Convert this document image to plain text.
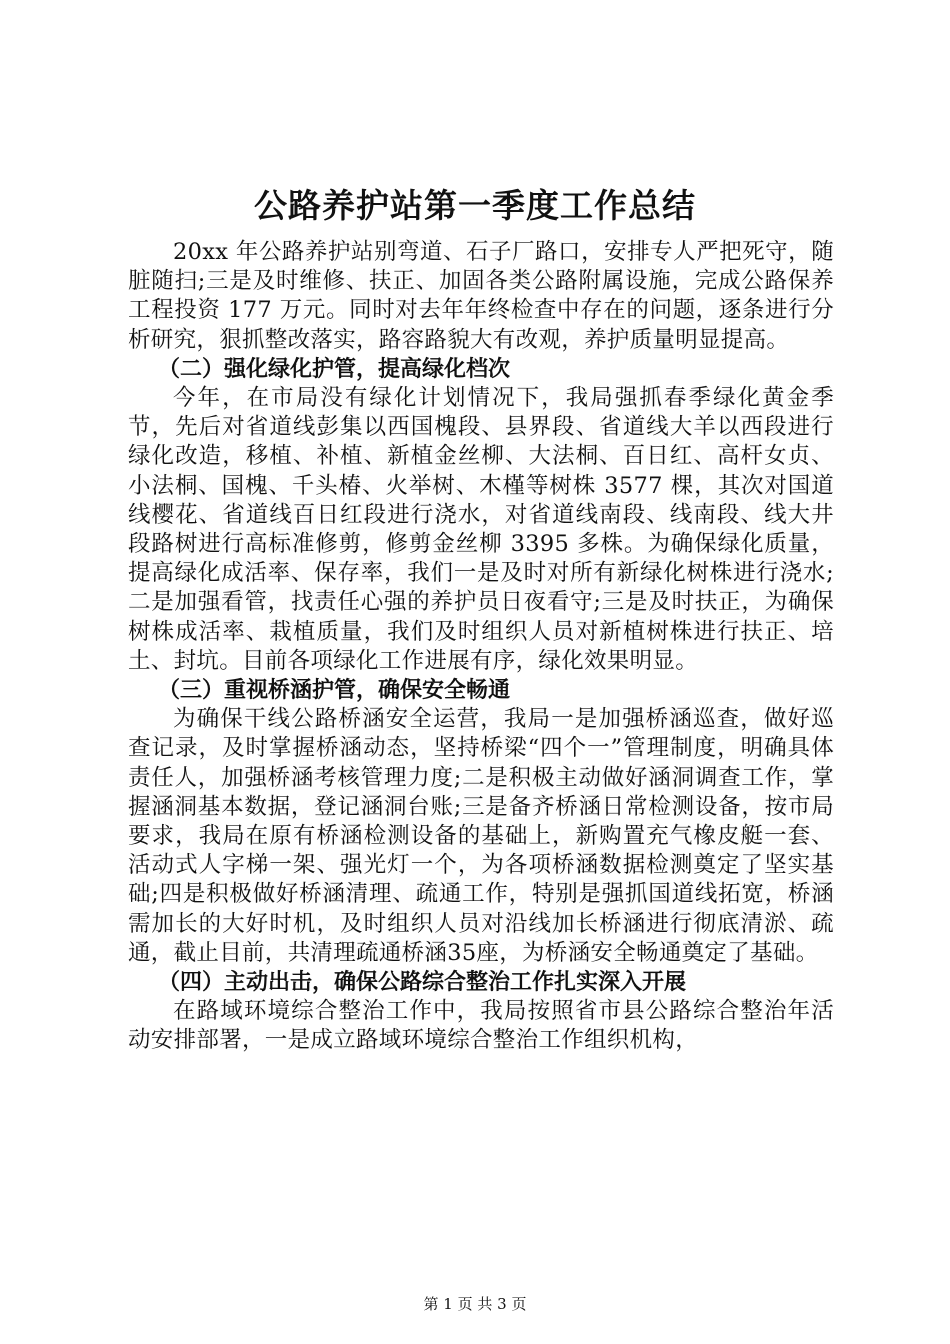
公路养护站第一季度工作总结

20xx 年公路养护站别弯道、石子厂路口，安排专人严把死守，随脏随扫;三是及时维修、扶正、加固各类公路附属设施，完成公路保养工程投资 177 万元。同时对去年年终检查中存在的问题，逐条进行分析研究，狠抓整改落实，路容路貌大有改观，养护质量明显提高。

（二）强化绿化护管，提高绿化档次

今年，在市局没有绿化计划情况下，我局强抓春季绿化黄金季节，先后对省道线彭集以西国槐段、县界段、省道线大羊以西段进行绿化改造，移植、补植、新植金丝柳、大法桐、百日红、高杆女贞、小法桐、国槐、千头椿、火举树、木槿等树株 3577 棵，其次对国道线樱花、省道线百日红段进行浇水，对省道线南段、线南段、线大井段路树进行高标准修剪，修剪金丝柳 3395 多株。为确保绿化质量，提高绿化成活率、保存率，我们一是及时对所有新绿化树株进行浇水;二是加强看管，找责任心强的养护员日夜看守;三是及时扶正，为确保树株成活率、栽植质量，我们及时组织人员对新植树株进行扶正、培土、封坑。目前各项绿化工作进展有序，绿化效果明显。

（三）重视桥涵护管，确保安全畅通

为确保干线公路桥涵安全运营，我局一是加强桥涵巡查，做好巡查记录，及时掌握桥涵动态，坚持桥梁“四个一”管理制度，明确具体责任人，加强桥涵考核管理力度;二是积极主动做好涵洞调查工作，掌握涵洞基本数据，登记涵洞台账;三是备齐桥涵日常检测设备，按市局要求，我局在原有桥涵检测设备的基础上，新购置充气橡皮艇一套、活动式人字梯一架、强光灯一个，为各项桥涵数据检测奠定了坚实基础;四是积极做好桥涵清理、疏通工作，特别是强抓国道线拓宽，桥涵需加长的大好时机，及时组织人员对沿线加长桥涵进行彻底清淤、疏通，截止目前，共清理疏通桥涵35座，为桥涵安全畅通奠定了基础。

（四）主动出击，确保公路综合整治工作扎实深入开展

在路域环境综合整治工作中，我局按照省市县公路综合整治年活动安排部署，一是成立路域环境综合整治工作组织机构，

第 1 页 共 3 页
